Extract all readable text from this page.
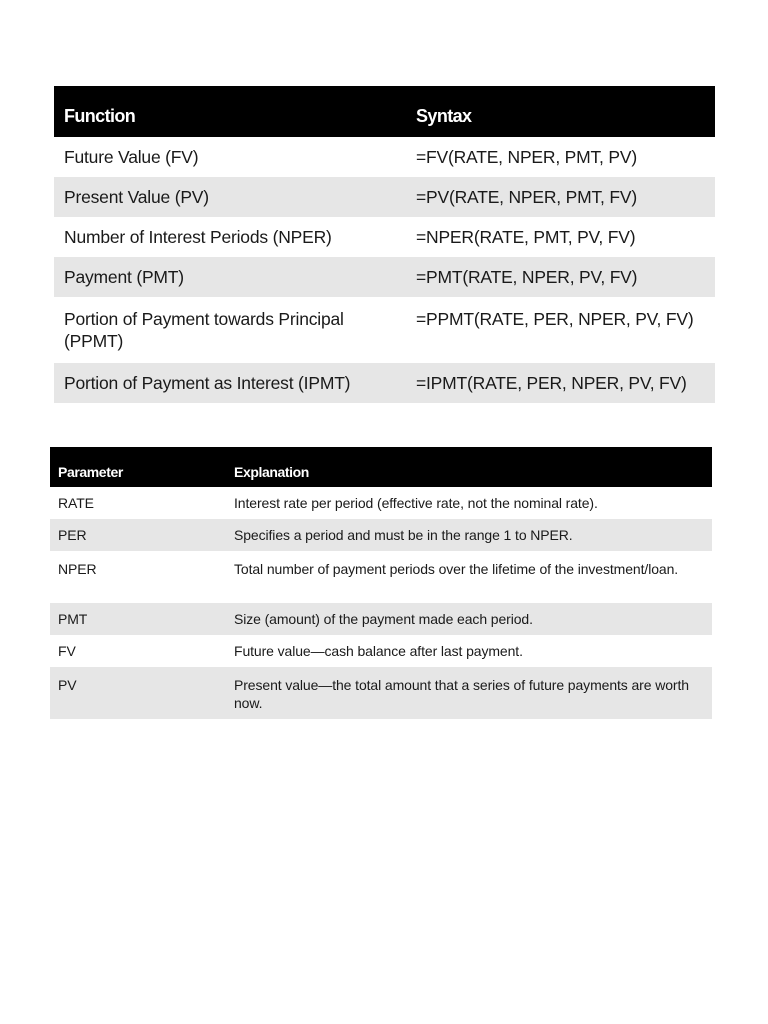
Function	Syntax
Future Value (FV)	=FV(RATE, NPER, PMT, PV)
Present Value (PV)	=PV(RATE, NPER, PMT, FV)
Number of Interest Periods (NPER)	=NPER(RATE, PMT, PV, FV)
Payment (PMT)	=PMT(RATE, NPER, PV, FV)
Portion of Payment towards Principal (PPMT)	=PPMT(RATE, PER, NPER, PV, FV)
Portion of Payment as Interest (IPMT)	=IPMT(RATE, PER, NPER, PV, FV)
Parameter	Explanation
RATE	Interest rate per period (effective rate, not the nominal rate).
PER	Specifies a period and must be in the range 1 to NPER.
NPER	Total number of payment periods over the lifetime of the investment/loan.
PMT	Size (amount) of the payment made each period.
FV	Future value—cash balance after last payment.
PV	Present value—the total amount that a series of future payments are worth now.
